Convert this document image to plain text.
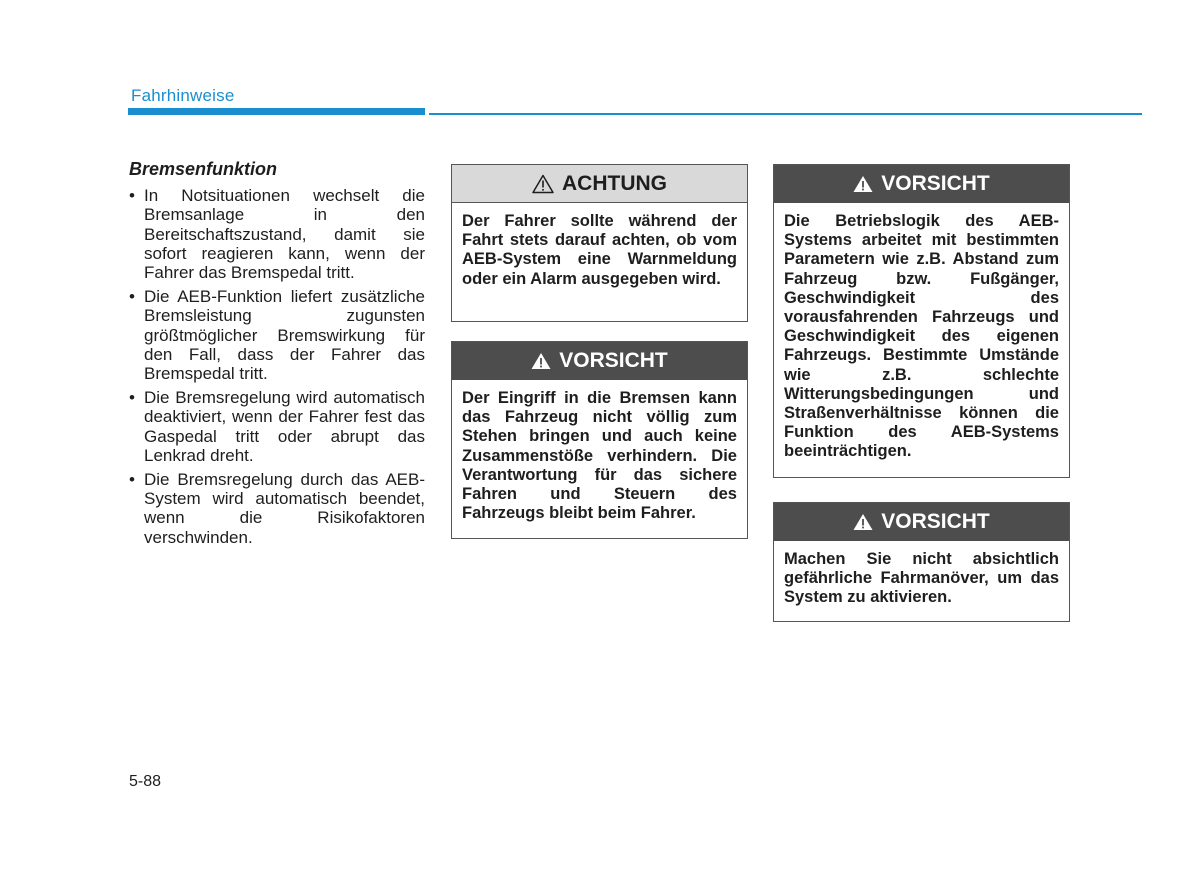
Fahrhinweise
Bremsenfunktion
• In Notsituationen wechselt die Bremsanlage in den Bereitschaftszustand, damit sie sofort reagieren kann, wenn der Fahrer das Bremspedal tritt.
• Die AEB-Funktion liefert zusätzliche Bremsleistung zugunsten größtmöglicher Bremswirkung für den Fall, dass der Fahrer das Bremspedal tritt.
• Die Bremsregelung wird automatisch deaktiviert, wenn der Fahrer fest das Gaspedal tritt oder abrupt das Lenkrad dreht.
• Die Bremsregelung durch das AEB-System wird automatisch beendet, wenn die Risikofaktoren verschwinden.
ACHTUNG
Der Fahrer sollte während der Fahrt stets darauf achten, ob vom AEB-System eine Warnmeldung oder ein Alarm ausgegeben wird.
VORSICHT
Der Eingriff in die Bremsen kann das Fahrzeug nicht völlig zum Stehen bringen und auch keine Zusammenstöße verhindern. Die Verantwortung für das sichere Fahren und Steuern des Fahrzeugs bleibt beim Fahrer.
VORSICHT
Die Betriebslogik des AEB-Systems arbeitet mit bestimmten Parametern wie z.B. Abstand zum Fahrzeug bzw. Fußgänger, Geschwindigkeit des vorausfahrenden Fahrzeugs und Geschwindigkeit des eigenen Fahrzeugs. Bestimmte Umstände wie z.B. schlechte Witterungsbedingungen und Straßenverhältnisse können die Funktion des AEB-Systems beeinträchtigen.
VORSICHT
Machen Sie nicht absichtlich gefährliche Fahrmanöver, um das System zu aktivieren.
5-88
